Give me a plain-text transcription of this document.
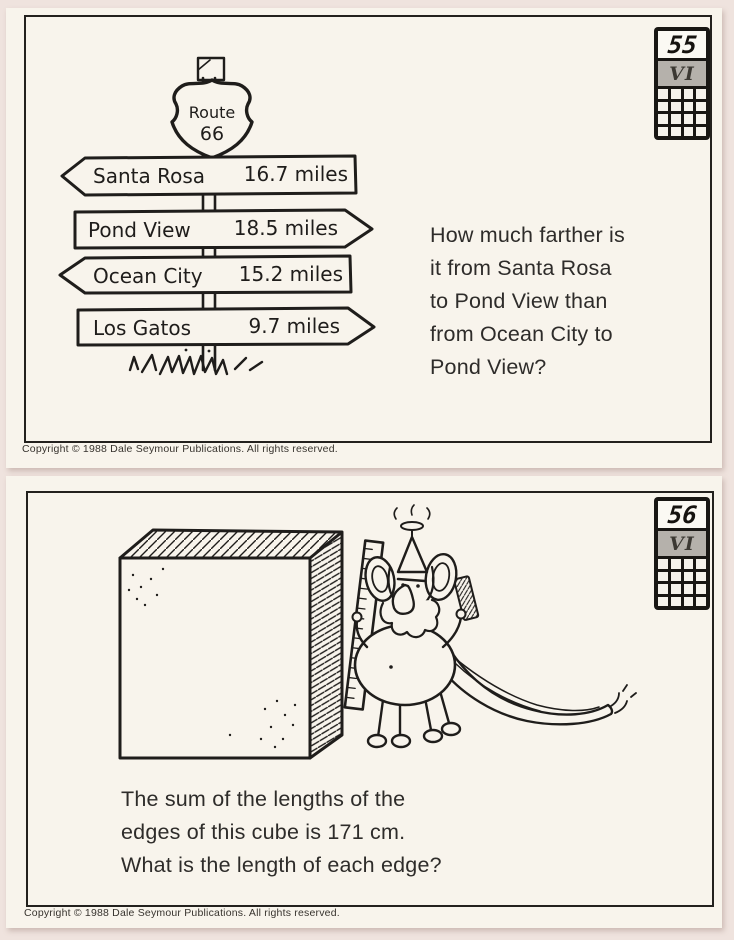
Route
66
Santa Rosa 16.7 miles
Pond View 18.5 miles
Ocean City 15.2 miles
Los Gatos	9.7 miles
How much farther is
it from Santa Rosa
to Pond View than
from Ocean City to
Pond View?
Copyright © 1988 Dale Seymour Publications. All rights reserved.
55
VI
The sum of the lengths of the
edges of this cube is 171 cm.
What is the length of each edge?
Copyright © 1988 Dale Seymour Publications. All rights reserved.
56
VI
